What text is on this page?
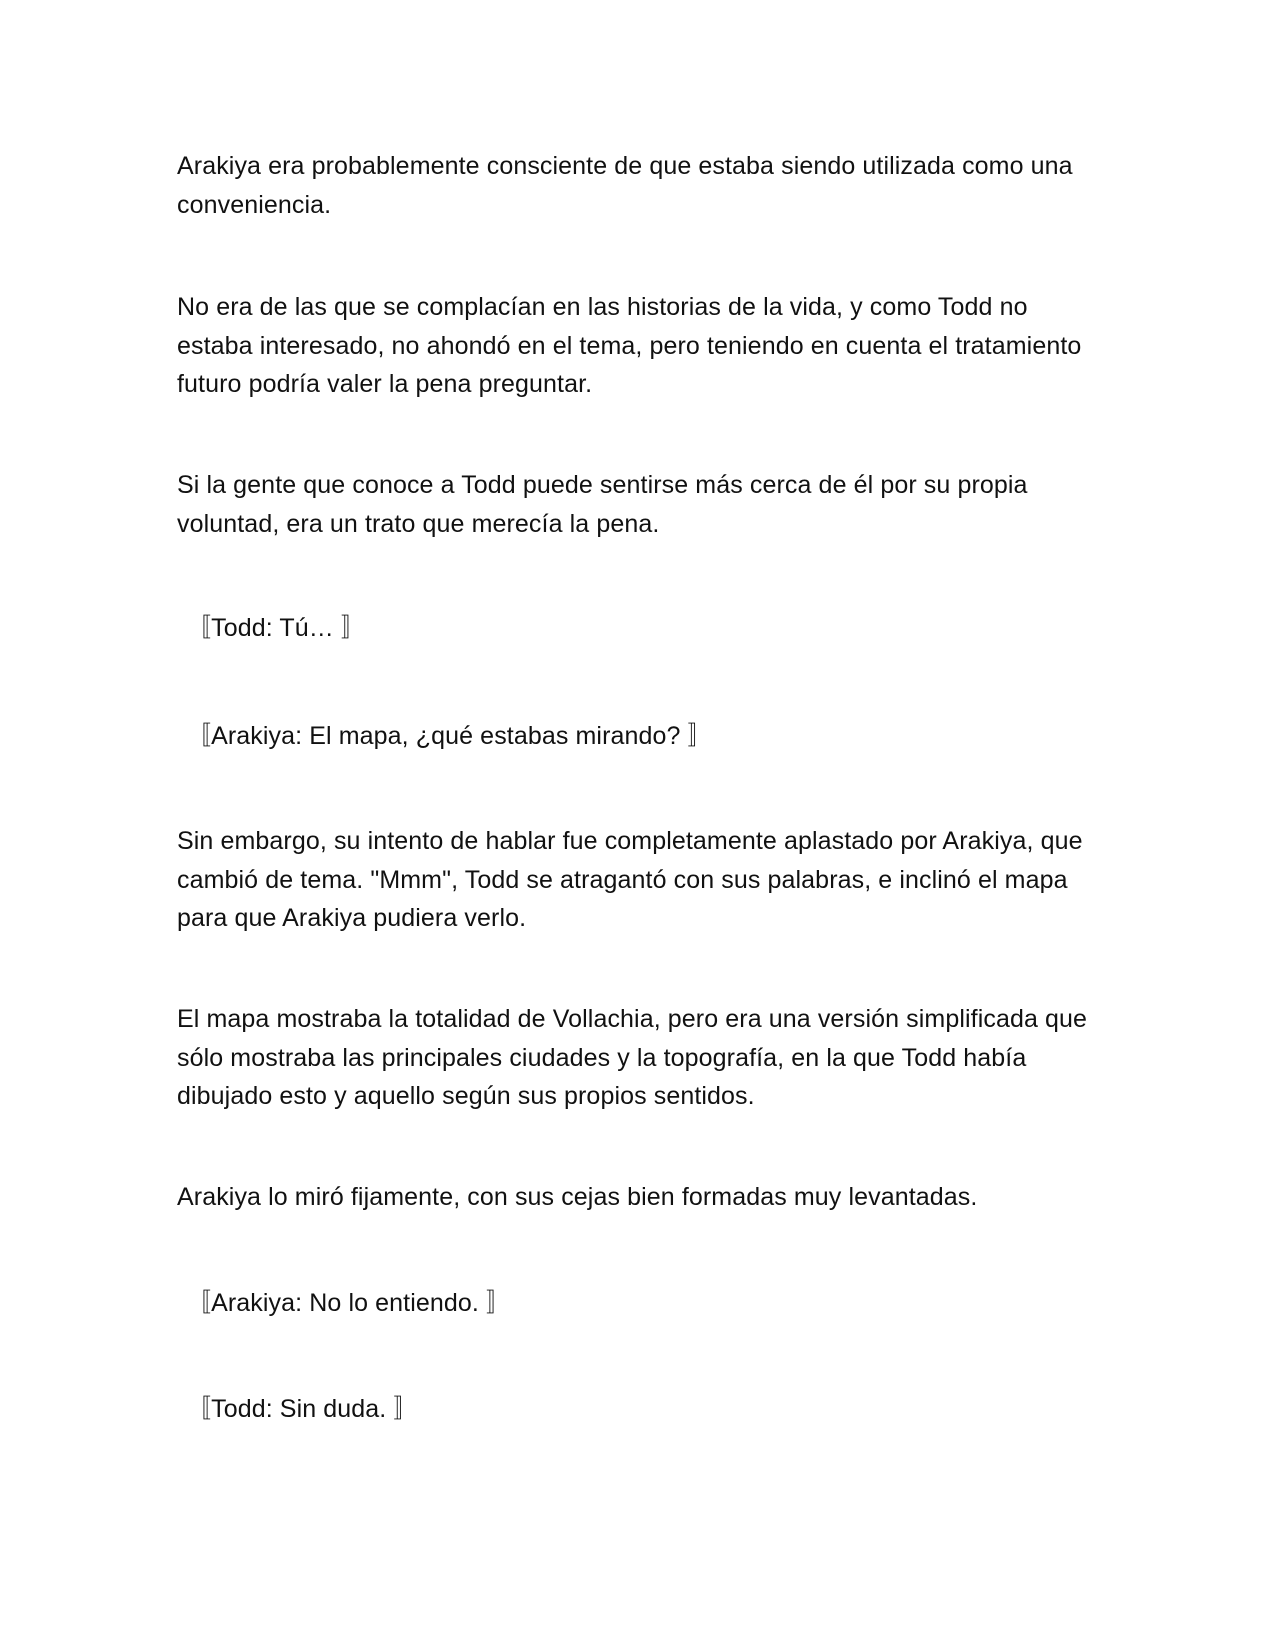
Arakiya era probablemente consciente de que estaba siendo utilizada como una conveniencia.

No era de las que se complacían en las historias de la vida, y como Todd no estaba interesado, no ahondó en el tema, pero teniendo en cuenta el tratamiento futuro podría valer la pena preguntar.

Si la gente que conoce a Todd puede sentirse más cerca de él por su propia voluntad, era un trato que merecía la pena.

〚Todd: Tú… 〛

〚Arakiya: El mapa, ¿qué estabas mirando? 〛

Sin embargo, su intento de hablar fue completamente aplastado por Arakiya, que cambió de tema. "Mmm", Todd se atragantó con sus palabras, e inclinó el mapa para que Arakiya pudiera verlo.

El mapa mostraba la totalidad de Vollachia, pero era una versión simplificada que sólo mostraba las principales ciudades y la topografía, en la que Todd había dibujado esto y aquello según sus propios sentidos.

Arakiya lo miró fijamente, con sus cejas bien formadas muy levantadas.

〚Arakiya: No lo entiendo. 〛

〚Todd: Sin duda. 〛
